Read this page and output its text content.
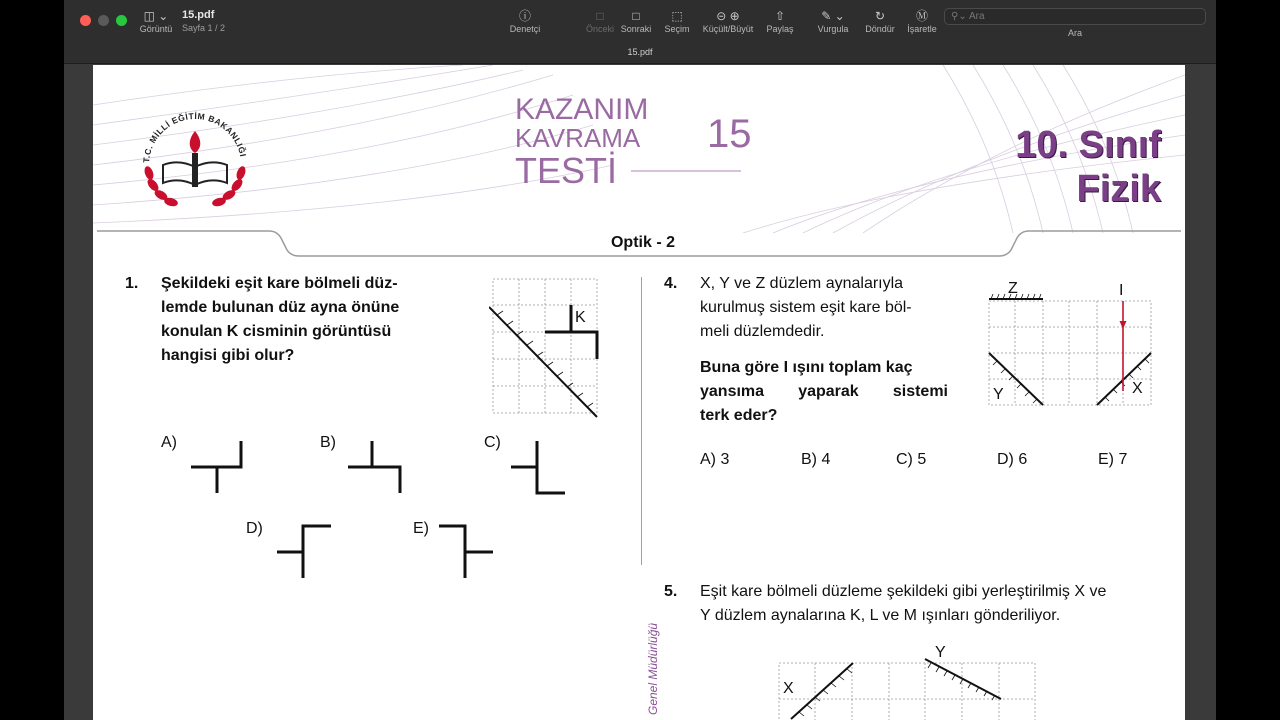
◫ ⌄
Görüntü
15.pdf
Sayfa 1 / 2
ⓘ
Denetçi
□
Önceki
□
Sonraki
⬚
Seçim
⊝ ⊕
Küçült/Büyüt
⇧
Paylaş
✎ ⌄
Vurgula
↻
Döndür
Ⓜ
İşaretle
⚲⌄ Ara
Ara
15.pdf
T.C. MİLLİ EĞİTİM BAKANLIĞI
KAZANIM
KAVRAMA
TESTİ
15	10. Sınıf
Fizik
Optik - 2
Genel Müdürlüğü
1. Şekildeki eşit kare bölmeli düz-
lemde bulunan düz ayna önüne
konulan K cisminin görüntüsü
hangisi gibi olur?
K
A)	B)	C)
D)	E)
4. X, Y ve Z düzlem aynalarıyla
kurulmuş sistem eşit kare böl-
meli düzlemdedir.
Buna göre I ışını toplam kaç
yansıma yaparak sistemi
terk eder?
Z	I
Y	X
A) 3	B) 4	C) 5	D) 6	E) 7
5. Eşit kare bölmeli düzleme şekildeki gibi yerleştirilmiş X ve
Y düzlem aynalarına K, L ve M ışınları gönderiliyor.
X
Y
